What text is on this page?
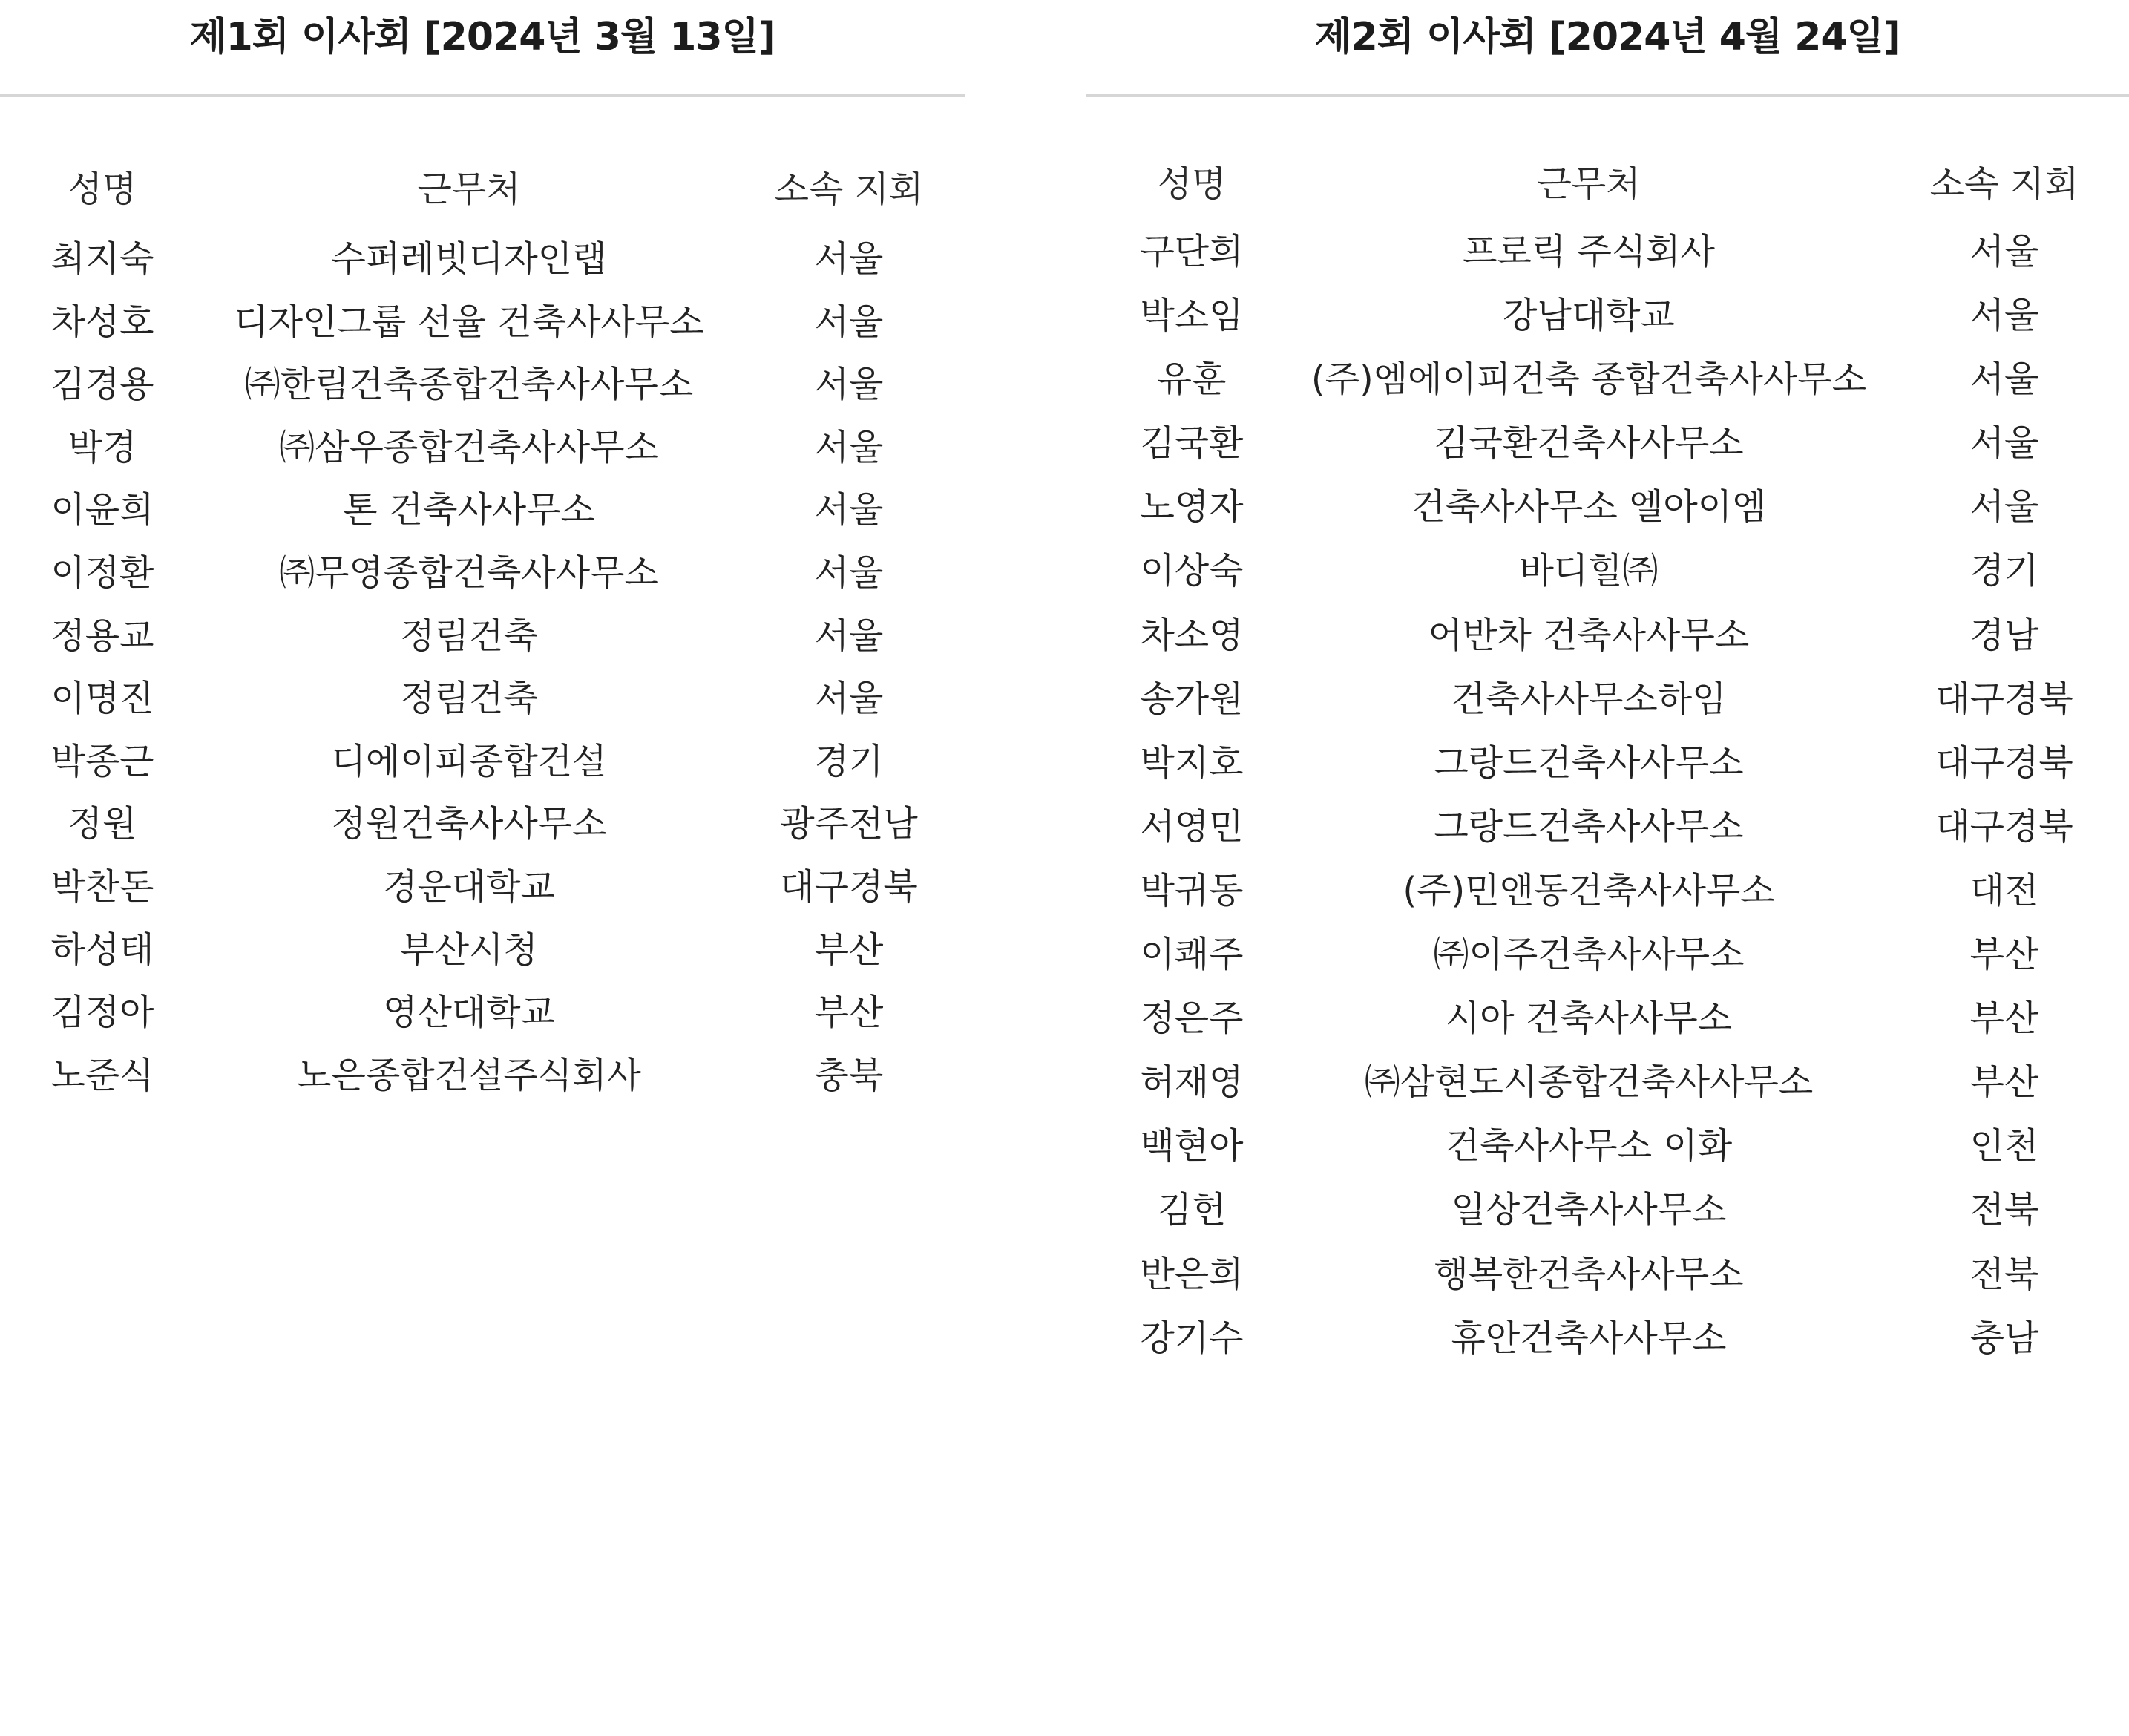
제1회 이사회 [2024년 3월 13일]
성명	근무처	소속 지회
최지숙	수퍼레빗디자인랩	서울
차성호	디자인그룹 선율 건축사사무소	서울
김경용	㈜한림건축종합건축사사무소	서울
박경	㈜삼우종합건축사사무소	서울
이윤희	톤 건축사사무소	서울
이정환	㈜무영종합건축사사무소	서울
정용교	정림건축	서울
이명진	정림건축	서울
박종근	디에이피종합건설	경기
정원	정원건축사사무소	광주전남
박찬돈	경운대학교	대구경북
하성태	부산시청	부산
김정아	영산대학교	부산
노준식	노은종합건설주식회사	충북
제2회 이사회 [2024년 4월 24일]
성명	근무처	소속 지회
구단희	프로릭 주식회사	서울
박소임	강남대학교	서울
유훈	(주)엠에이피건축 종합건축사사무소	서울
김국환	김국환건축사사무소	서울
노영자	건축사사무소 엘아이엠	서울
이상숙	바디힐㈜	경기
차소영	어반차 건축사사무소	경남
송가원	건축사사무소하임	대구경북
박지호	그랑드건축사사무소	대구경북
서영민	그랑드건축사사무소	대구경북
박귀동	(주)민앤동건축사사무소	대전
이쾌주	㈜이주건축사사무소	부산
정은주	시아 건축사사무소	부산
허재영	㈜삼현도시종합건축사사무소	부산
백현아	건축사사무소 이화	인천
김헌	일상건축사사무소	전북
반은희	행복한건축사사무소	전북
강기수	휴안건축사사무소	충남
